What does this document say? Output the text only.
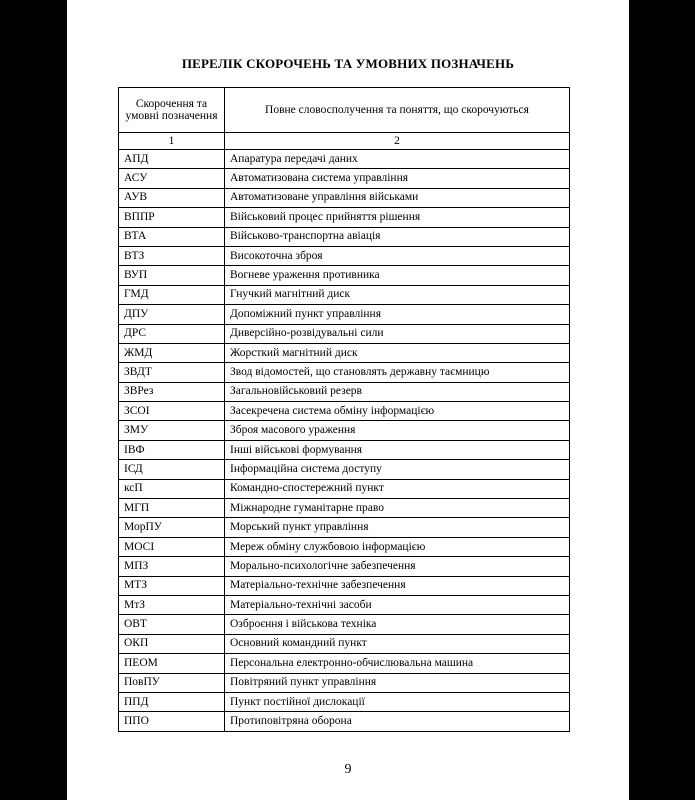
ПЕРЕЛІК СКОРОЧЕНЬ ТА УМОВНИХ ПОЗНАЧЕНЬ
Скорочення та умовні позначення	Повне словосполучення та поняття, що скорочуються
1	2
АПД	Апаратура передачі даних
АСУ	Автоматизована система управління
АУВ	Автоматизоване управління військами
ВППР	Військовий процес прийняття рішення
ВТА	Військово-транспортна авіація
ВТЗ	Високоточна зброя
ВУП	Вогневе ураження противника
ГМД	Гнучкий магнітний диск
ДПУ	Допоміжний пункт управління
ДРС	Диверсійно-розвідувальні сили
ЖМД	Жорсткий магнітний диск
ЗВДТ	Звод відомостей, що становлять державну таємницю
ЗВРез	Загальновійськовий резерв
ЗСОІ	Засекречена система обміну інформацією
ЗМУ	Зброя масового ураження
ІВФ	Інші військові формування
ІСД	Інформаційна система доступу
ксП	Командно-спостережний пункт
МГП	Міжнародне гуманітарне право
МорПУ	Морський пункт управління
МОСІ	Мереж обміну службовою інформацією
МПЗ	Морально-психологічне забезпечення
МТЗ	Матеріально-технічне забезпечення
МтЗ	Матеріально-технічні засоби
ОВТ	Озброєння і військова техніка
ОКП	Основний командний пункт
ПЕОМ	Персональна електронно-обчислювальна машина
ПовПУ	Повітряний пункт управління
ППД	Пункт постійної дислокації
ППО	Протиповітряна оборона
9
